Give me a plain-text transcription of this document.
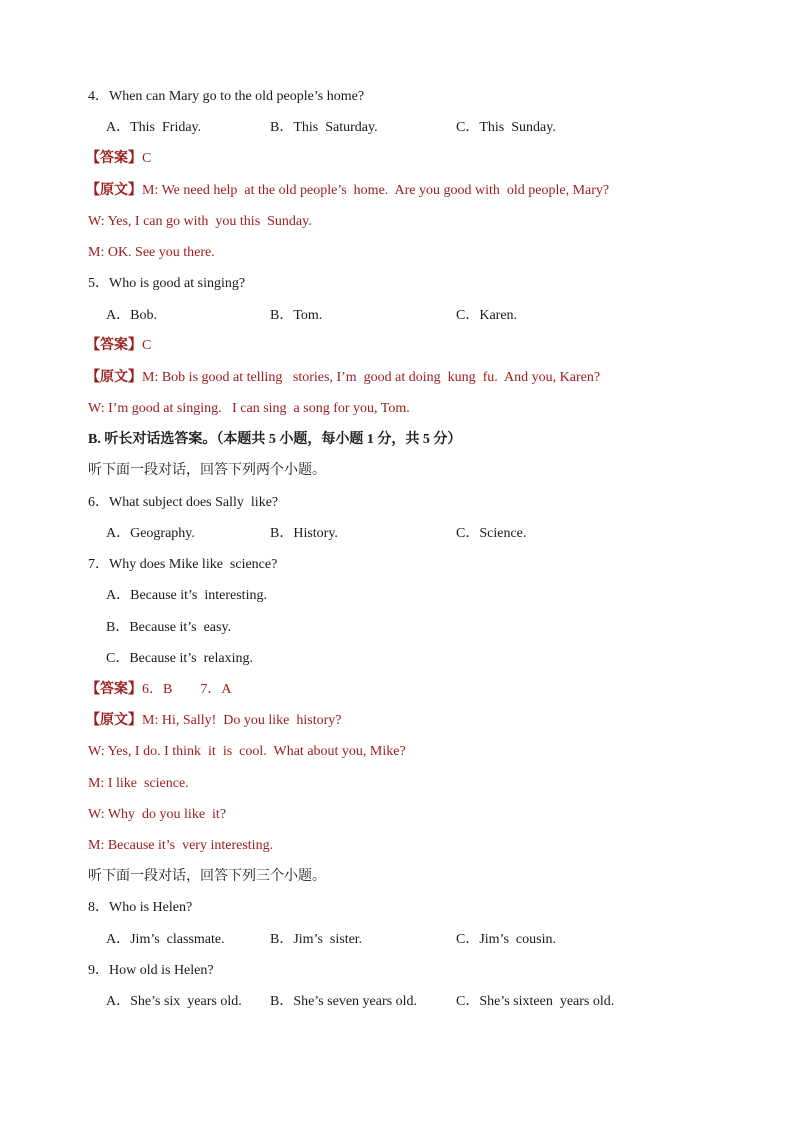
4．When can Mary go to the old people’s home?
A．This  Friday.	B．This  Saturday.	C．This  Sunday.
【答案】C
【原文】M: We need help  at the old people’s  home.  Are you good with  old people, Mary?
W: Yes, I can go with  you this  Sunday.
M: OK. See you there.
5．Who is good at singing?
A．Bob.	B．Tom.	C．Karen.
【答案】C
【原文】M: Bob is good at telling   stories, I’m  good at doing  kung  fu.  And you, Karen?
W: I’m good at singing.   I can sing  a song for you, Tom.
B. 听长对话选答案。（本题共 5 小题，每小题 1 分，共 5 分）
听下面一段对话，回答下列两个小题。
6．What subject does Sally  like?
A．Geography.	B．History.	C．Science.
7．Why does Mike like  science?
A．Because it’s  interesting.
B．Because it’s  easy.
C．Because it’s  relaxing.
【答案】6．B        7．A
【原文】M: Hi, Sally!  Do you like  history?
W: Yes, I do. I think  it  is  cool.  What about you, Mike?
M: I like  science.
W: Why  do you like  it?
M: Because it’s  very interesting.
听下面一段对话，回答下列三个小题。
8．Who is Helen?
A．Jim’s  classmate.	B．Jim’s  sister.	C．Jim’s  cousin.
9．How old is Helen?
A．She’s six  years old. B．She’s seven years old.	C．She’s sixteen  years old.
